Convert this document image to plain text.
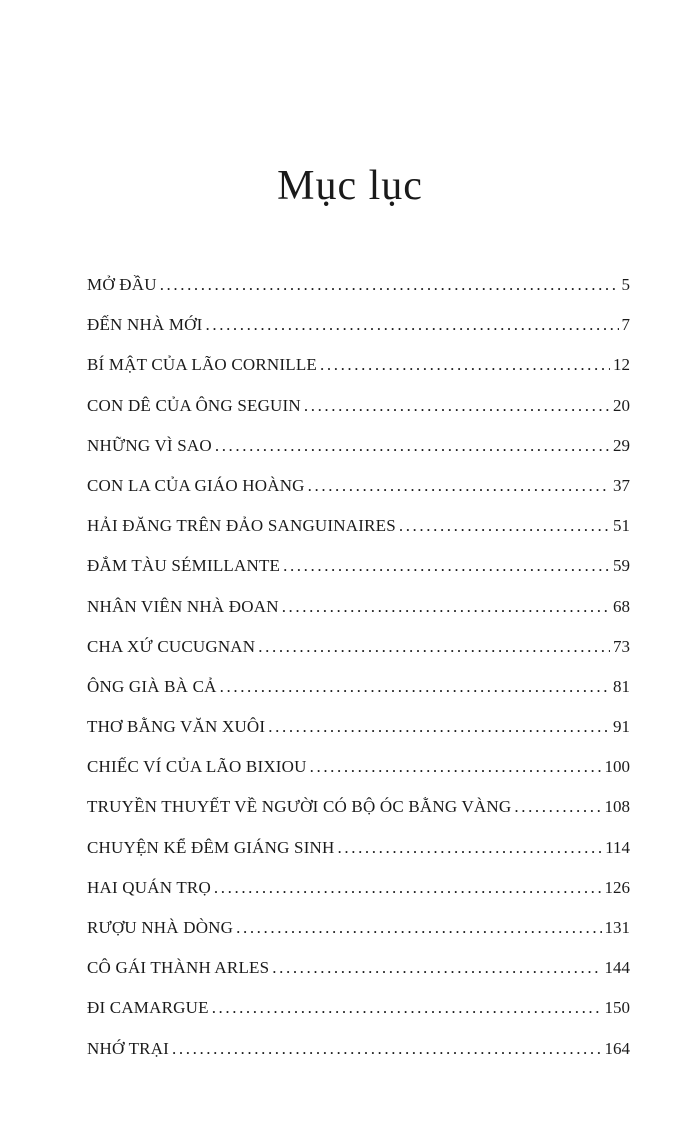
Mục lục
MỞ ĐẦU .....	5
ĐẾN NHÀ MỚI .....	7
BÍ MẬT CỦA LÃO CORNILLE .....	12
CON DÊ CỦA ÔNG SEGUIN .....	20
NHỮNG VÌ SAO .....	29
CON LA CỦA GIÁO HOÀNG .....	37
HẢI ĐĂNG TRÊN ĐẢO SANGUINAIRES .....	51
ĐẮM TÀU SÉMILLANTE .....	59
NHÂN VIÊN NHÀ ĐOAN .....	68
CHA XỨ CUCUGNAN .....	73
ÔNG GIÀ BÀ CẢ .....	81
THƠ BẰNG VĂN XUÔI .....	91
CHIẾC VÍ CỦA LÃO BIXIOU .....	100
TRUYỀN THUYẾT VỀ NGƯỜI CÓ BỘ ÓC BẰNG VÀNG .....	108
CHUYỆN KỂ ĐÊM GIÁNG SINH .....	114
HAI QUÁN TRỌ .....	126
RƯỢU NHÀ DÒNG .....	131
CÔ GÁI THÀNH ARLES .....	144
ĐI CAMARGUE .....	150
NHỚ TRẠI .....	164
